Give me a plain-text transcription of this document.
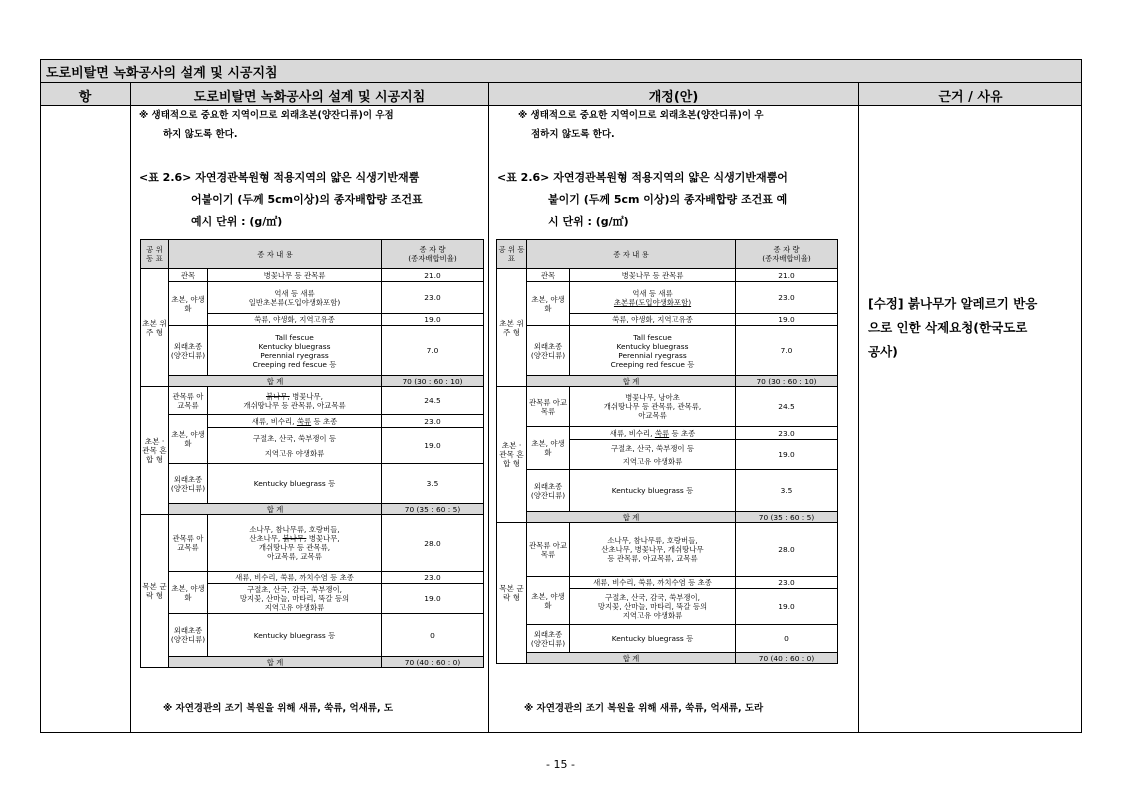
도로비탈면 녹화공사의 설계 및 시공지침
항	도로비탈면 녹화공사의 설계 및 시공지침	개정(안)	근거 / 사유
※ 생태적으로 중요한 지역이므로 외래초본(양잔디류)이 우점
하지 않도록 한다.
<표 2.6> 자연경관복원형 적용지역의 얇은 식생기반재뿜
어붙이기 (두께 5cm이상)의 종자배합량 조건표
예시 단위 : (g/㎡)
※ 자연경관의 조기 복원을 위해 새류, 쑥류, 억새류, 도
※ 생태적으로 중요한 지역이므로 외래초본(양잔디류)이 우
점하지 않도록 한다.
<표 2.6> 자연경관복원형 적용지역의 얇은 식생기반재뿜어
붙이기 (두께 5cm 이상)의 종자배합량 조건표 예
시 단위 : (g/㎡)
※ 자연경관의 조기 복원을 위해 새류, 쑥류, 억새류, 도라
[수정] 붉나무가 알레르기 반응
으로 인한 삭제요청(한국도로
공사)
공 위 동 표	종 자 내 용		종 자 량
(종자배합비율)

초본 위주 형	관목	병꽃나무 등 관목류	21.0
	초본, 야생화	억새 등 새류
일반초본류(도입야생화포함)	23.0
		쑥류, 야생화, 지역고유종	19.0
	외래초종 (양잔디류)	Tall fescue
Kentucky bluegrass
Perennial ryegrass
Creeping red fescue 등	7.0
	합 계		70 (30 : 60 : 10)
초본 · 관목 혼합 형	관목류 아교목류	붉나무, 병꽃나무,
개쉬땅나무 등 관목류, 아교목류	24.5
	초본, 야생화	새류, 비수리, 쑥류 등 초종	23.0

		구절초, 산국, 쑥부쟁이 등
지역고유 야생화류	19.0
	외래초종 (양잔디류)	Kentucky bluegrass 등	3.5
	합 계		70 (35 : 60 : 5)
목본 군락 형	관목류 아교목류	소나무, 참나무류, 호랑버들,
산초나무, 붉나무, 병꽃나무,
개쉬땅나무 등 관목류,
아교목류, 교목류	28.0
	초본, 야생화	새류, 비수리, 쑥류, 까치수염 등 초종	23.0

		구절초, 산국, 감국, 쑥부쟁이,
망지꽃, 산마늘, 마타리, 뚝갈 등의
지역고유 야생화류	19.0
	외래초종 (양잔디류)	Kentucky bluegrass 등	0
	합 계		70 (40 : 60 : 0)
공 위 동 표	종 자 내 용		종 자 량
(종자배합비율)

초본 위주 형	관목	병꽃나무 등 관목류	21.0
	초본, 야생화	억새 등 새류
초본류(도입야생화포함)	23.0
		쑥류, 야생화, 지역고유종	19.0
	외래초종 (양잔디류)	Tall fescue
Kentucky bluegrass
Perennial ryegrass
Creeping red fescue 등	7.0
	합 계		70 (30 : 60 : 10)
초본 · 관목 혼합 형	관목류 아교목류	병꽃나무, 낭아초
개쉬땅나무 등 관목류, 관목류,
아교목류	24.5
	초본, 야생화	새류, 비수리, 쑥류 등 초종	23.0

		구절초, 산국, 쑥부쟁이 등
지역고유 야생화류	19.0
	외래초종 (양잔디류)	Kentucky bluegrass 등	3.5
	합 계		70 (35 : 60 : 5)
목본 군락 형	관목류 아교목류	소나무, 참나무류, 호랑버들,
산초나무, 병꽃나무, 개쉬땅나무
등 관목류, 아교목류, 교목류	28.0
	초본, 야생화	새류, 비수리, 쑥류, 까치수염 등 초종	23.0

		구절초, 산국, 감국, 쑥부쟁이,
망지꽃, 산마늘, 마타리, 뚝갈 등의
지역고유 야생화류	19.0
	외래초종 (양잔디류)	Kentucky bluegrass 등	0
	합 계		70 (40 : 60 : 0)
- 15 -
